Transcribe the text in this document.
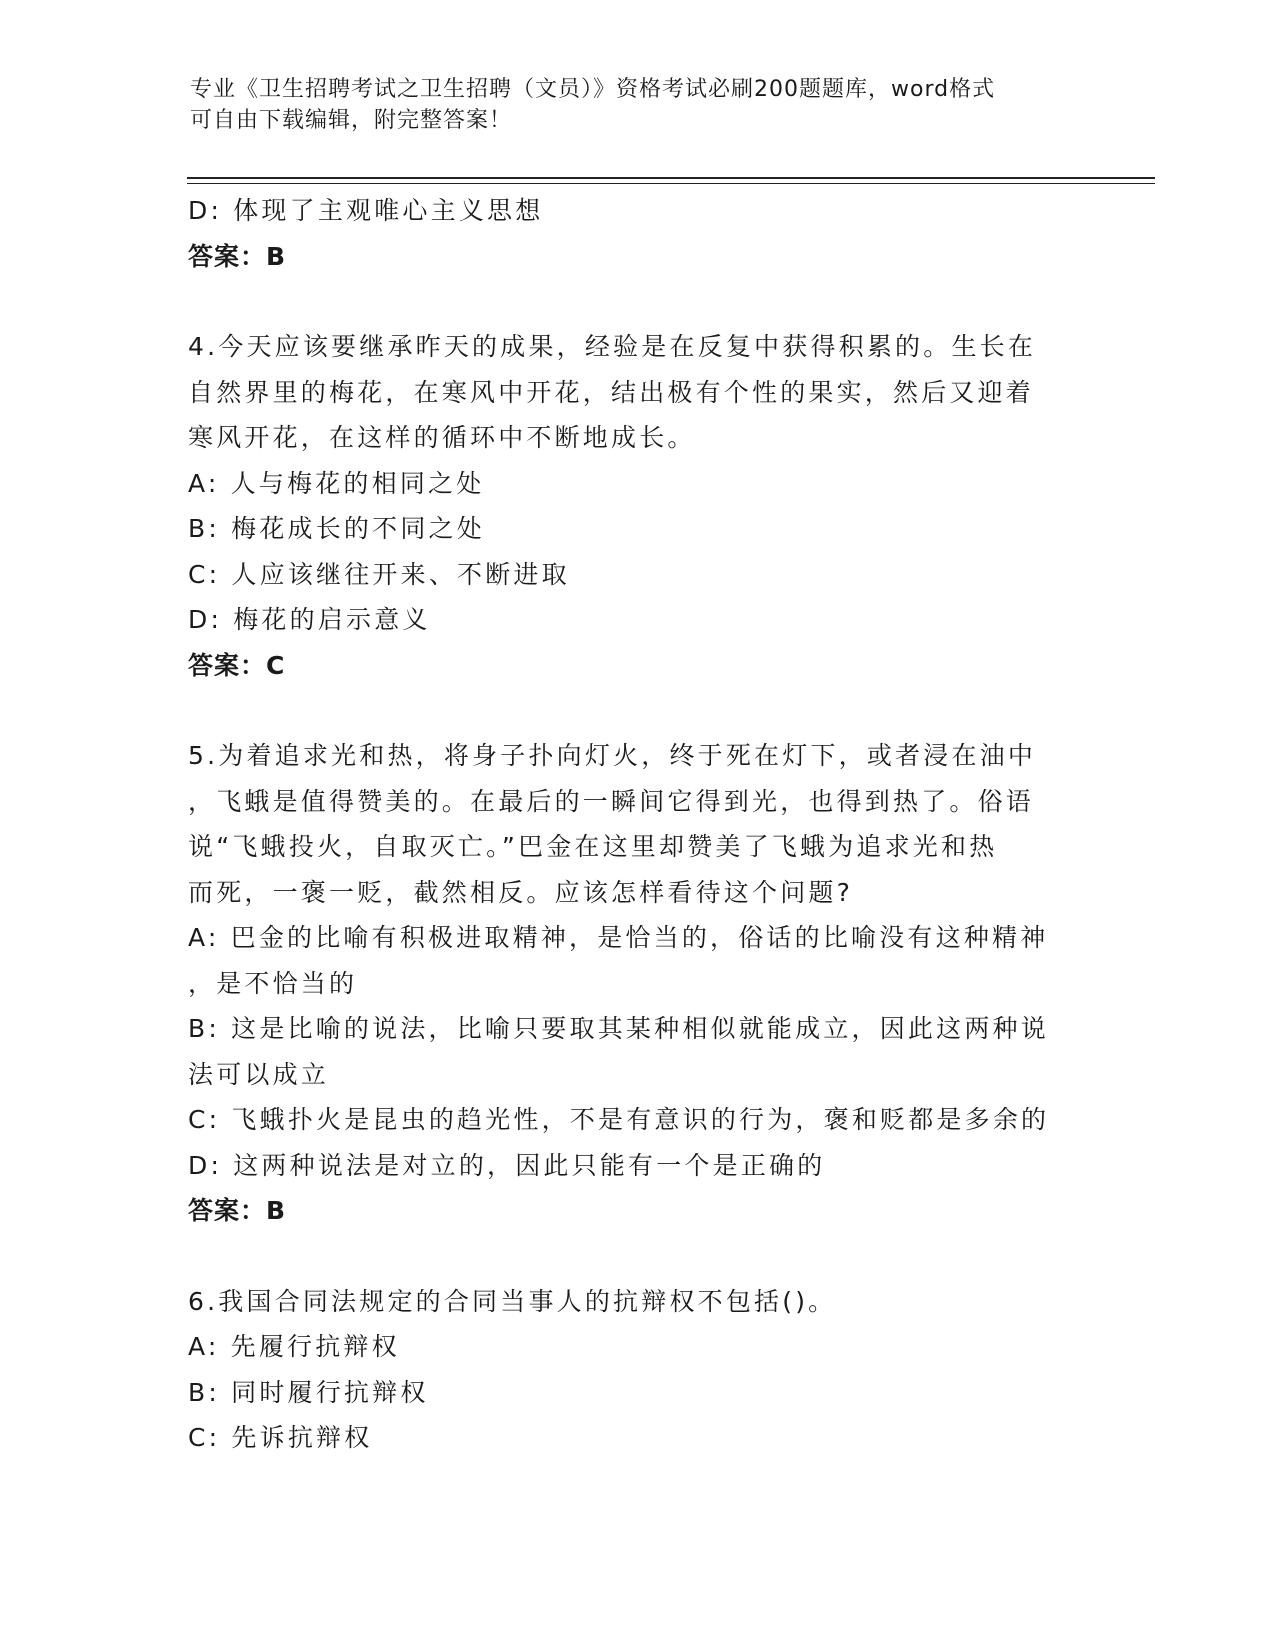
专业《卫生招聘考试之卫生招聘（文员）》资格考试必刷200题题库，word格式
可自由下载编辑，附完整答案！
D: 体现了主观唯心主义思想
答案：B
4.今天应该要继承昨天的成果，经验是在反复中获得积累的。生长在
自然界里的梅花，在寒风中开花，结出极有个性的果实，然后又迎着
寒风开花，在这样的循环中不断地成长。
A: 人与梅花的相同之处
B: 梅花成长的不同之处
C: 人应该继往开来、不断进取
D: 梅花的启示意义
答案：C
5.为着追求光和热，将身子扑向灯火，终于死在灯下，或者浸在油中
，飞蛾是值得赞美的。在最后的一瞬间它得到光，也得到热了。俗语
说“飞蛾投火，自取灭亡。”巴金在这里却赞美了飞蛾为追求光和热
而死，一褒一贬，截然相反。应该怎样看待这个问题?
A: 巴金的比喻有积极进取精神，是恰当的，俗话的比喻没有这种精神
，是不恰当的
B: 这是比喻的说法，比喻只要取其某种相似就能成立，因此这两种说
法可以成立
C: 飞蛾扑火是昆虫的趋光性，不是有意识的行为，褒和贬都是多余的
D: 这两种说法是对立的，因此只能有一个是正确的
答案：B
6.我国合同法规定的合同当事人的抗辩权不包括()。
A: 先履行抗辩权
B: 同时履行抗辩权
C: 先诉抗辩权
